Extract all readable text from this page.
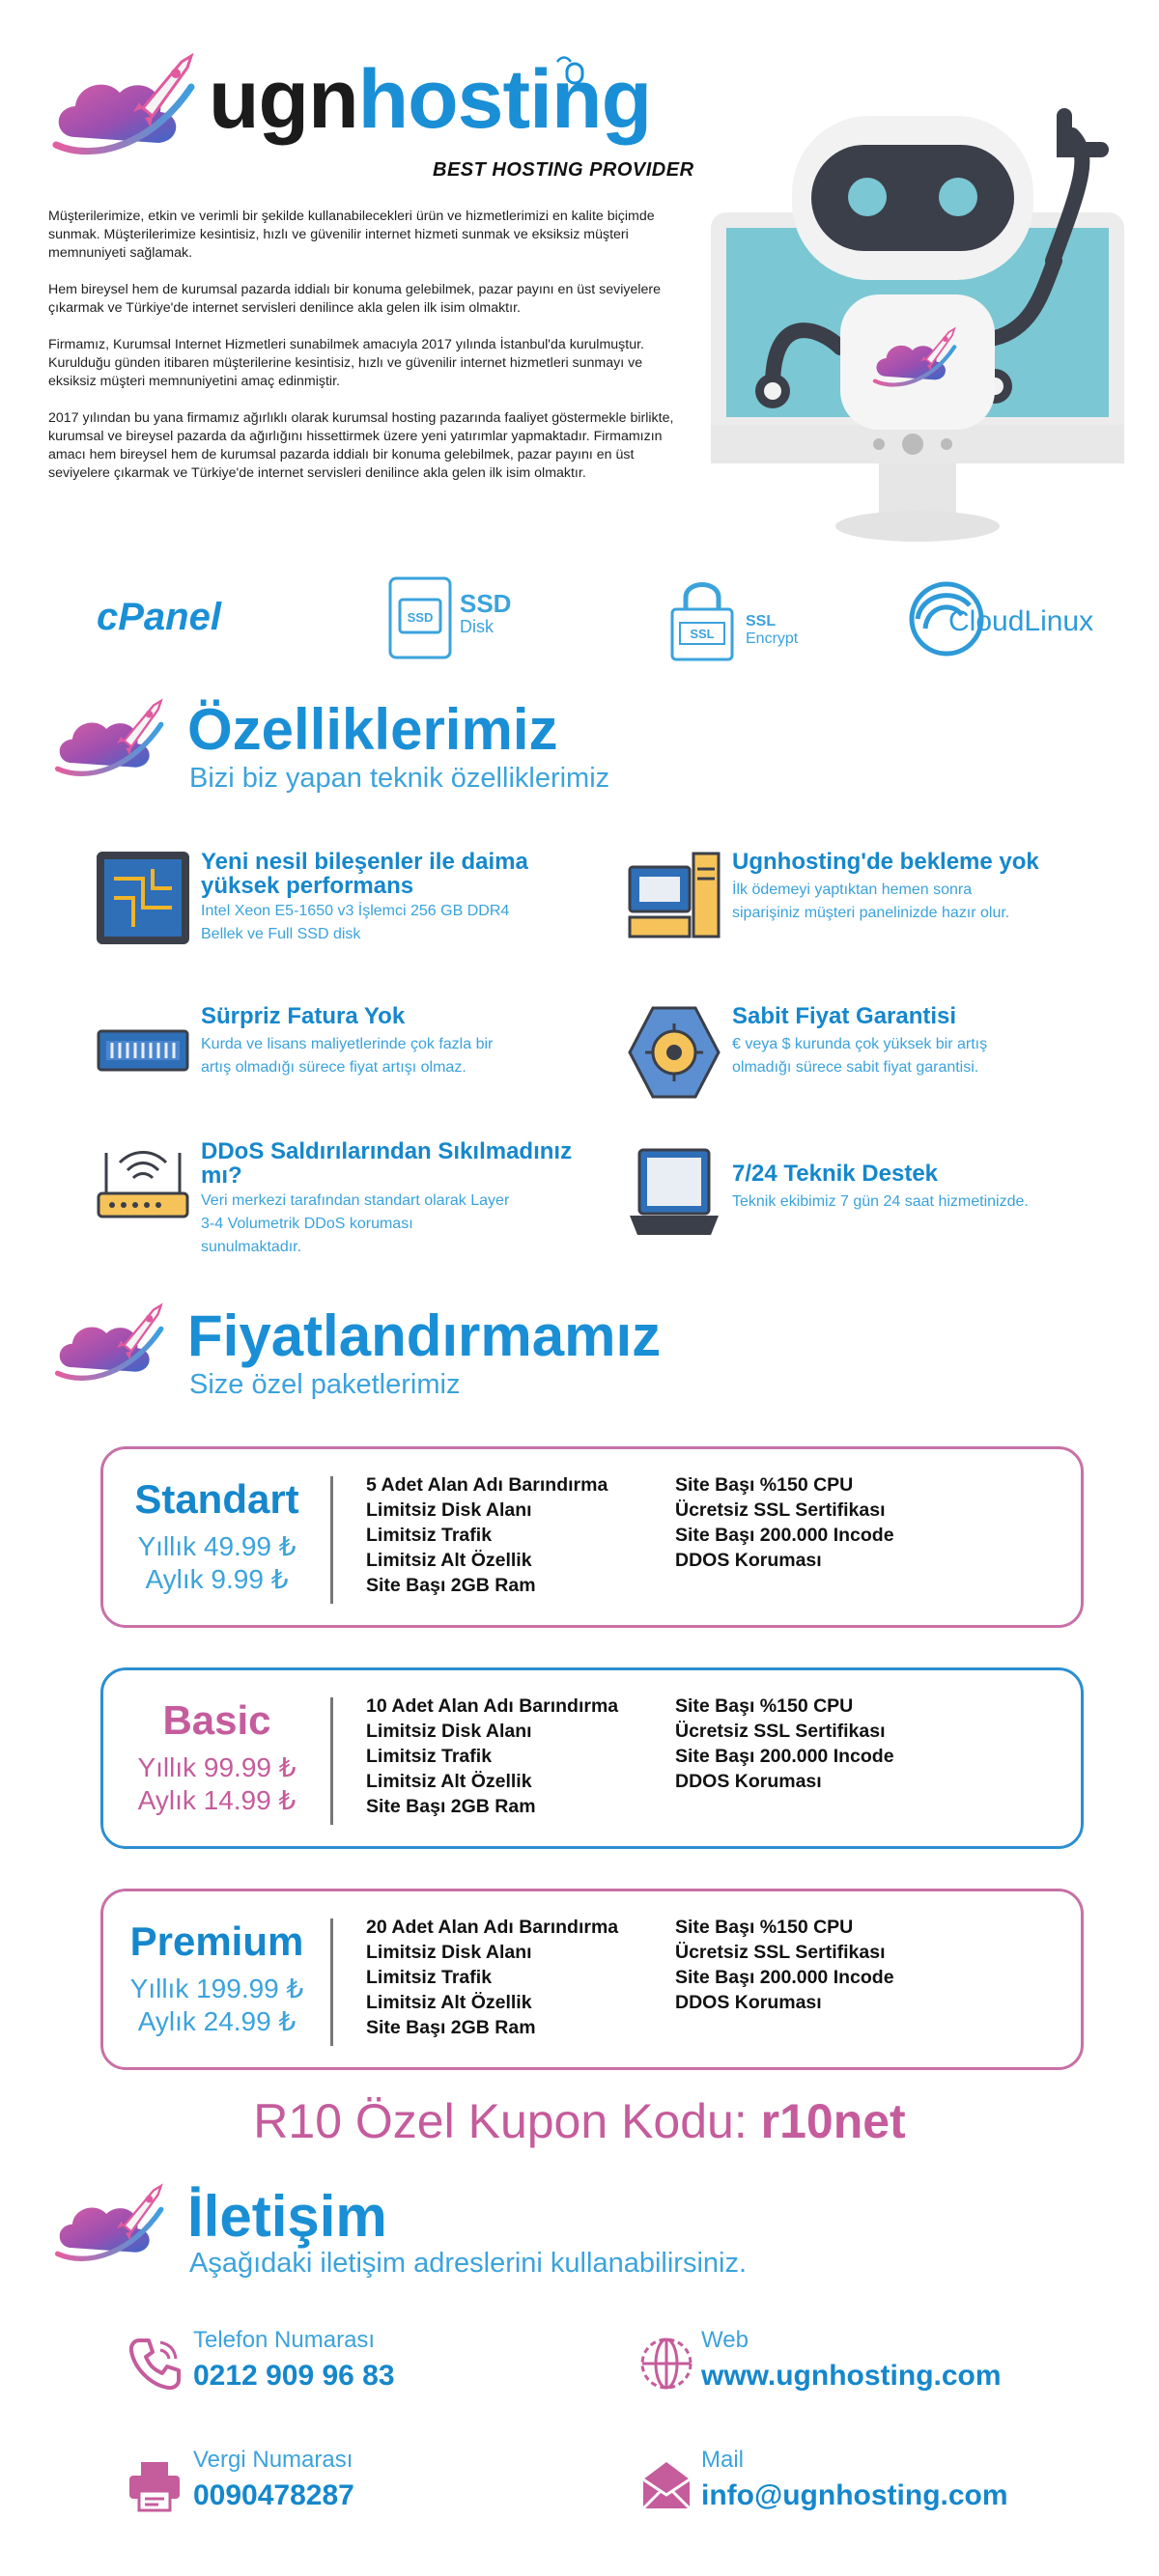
ugnhosting
BEST HOSTING PROVIDER

Müşterilerimize, etkin ve verimli bir şekilde kullanabilecekleri ürün ve hizmetlerimizi en kalite biçimde sunmak. Müşterilerimize kesintisiz, hızlı ve güvenilir internet hizmeti sunmak ve eksiksiz müşteri memnuniyeti sağlamak.

Hem bireysel hem de kurumsal pazarda iddialı bir konuma gelebilmek, pazar payını en üst seviyelere çıkarmak ve Türkiye'de internet servisleri denilince akla gelen ilk isim olmaktır.

Firmamız, Kurumsal Internet Hizmetleri sunabilmek amacıyla 2017 yılında İstanbul'da kurulmuştur. Kurulduğu günden itibaren müşterilerine kesintisiz, hızlı ve güvenilir internet hizmetleri sunmayı ve eksiksiz müşteri memnuniyetini amaç edinmiştir.

2017 yılından bu yana firmamız ağırlıklı olarak kurumsal hosting pazarında faaliyet göstermekle birlikte, kurumsal ve bireysel pazarda da ağırlığını hissettirmek üzere yeni yatırımlar yapmaktadır. Firmamızın amacı hem bireysel hem de kurumsal pazarda iddialı bir konuma gelebilmek, pazar payını en üst seviyelere çıkarmak ve Türkiye'de internet servisleri denilince akla gelen ilk isim olmaktır.

cPanel	SSD SSD
Disk	SSL
SSL
Encrypt
CloudLinux
Özelliklerimiz
Bizi biz yapan teknik özelliklerimiz
Yeni nesil bileşenler ile daima yüksek performans
Intel Xeon E5-1650 v3 İşlemci 256 GB DDR4 Bellek ve Full SSD disk
Ugnhosting'de bekleme yok
İlk ödemeyi yaptıktan hemen sonra siparişiniz müşteri panelinizde hazır olur.
Sürpriz Fatura Yok
Kurda ve lisans maliyetlerinde çok fazla bir artış olmadığı sürece fiyat artışı olmaz.
Sabit Fiyat Garantisi
€ veya $ kurunda çok yüksek bir artış olmadığı sürece sabit fiyat garantisi.
DDoS Saldırılarından Sıkılmadınız mı?
Veri merkezi tarafından standart olarak Layer 3-4 Volumetrik DDoS koruması sunulmaktadır.
7/24 Teknik Destek
Teknik ekibimiz 7 gün 24 saat hizmetinizde.
Fiyatlandırmamız
Size özel paketlerimiz
Standart
Yıllık 49.99 ₺
Aylık 9.99 ₺
5 Adet Alan Adı Barındırma
Limitsiz Disk Alanı
Limitsiz Trafik
Limitsiz Alt Özellik
Site Başı 2GB Ram
Site Başı %150 CPU
Ücretsiz SSL Sertifikası
Site Başı 200.000 Incode
DDOS Koruması
Basic
Yıllık 99.99 ₺
Aylık 14.99 ₺
10 Adet Alan Adı Barındırma
Limitsiz Disk Alanı
Limitsiz Trafik
Limitsiz Alt Özellik
Site Başı 2GB Ram
Site Başı %150 CPU
Ücretsiz SSL Sertifikası
Site Başı 200.000 Incode
DDOS Koruması
Premium
Yıllık 199.99 ₺
Aylık 24.99 ₺
20 Adet Alan Adı Barındırma
Limitsiz Disk Alanı
Limitsiz Trafik
Limitsiz Alt Özellik
Site Başı 2GB Ram
Site Başı %150 CPU
Ücretsiz SSL Sertifikası
Site Başı 200.000 Incode
DDOS Koruması
R10 Özel Kupon Kodu: r10net
İletişim
Aşağıdaki iletişim adreslerini kullanabilirsiniz.
Telefon Numarası
0212 909 96 83
Web
www.ugnhosting.com
Vergi Numarası
0090478287
Mail
info@ugnhosting.com
